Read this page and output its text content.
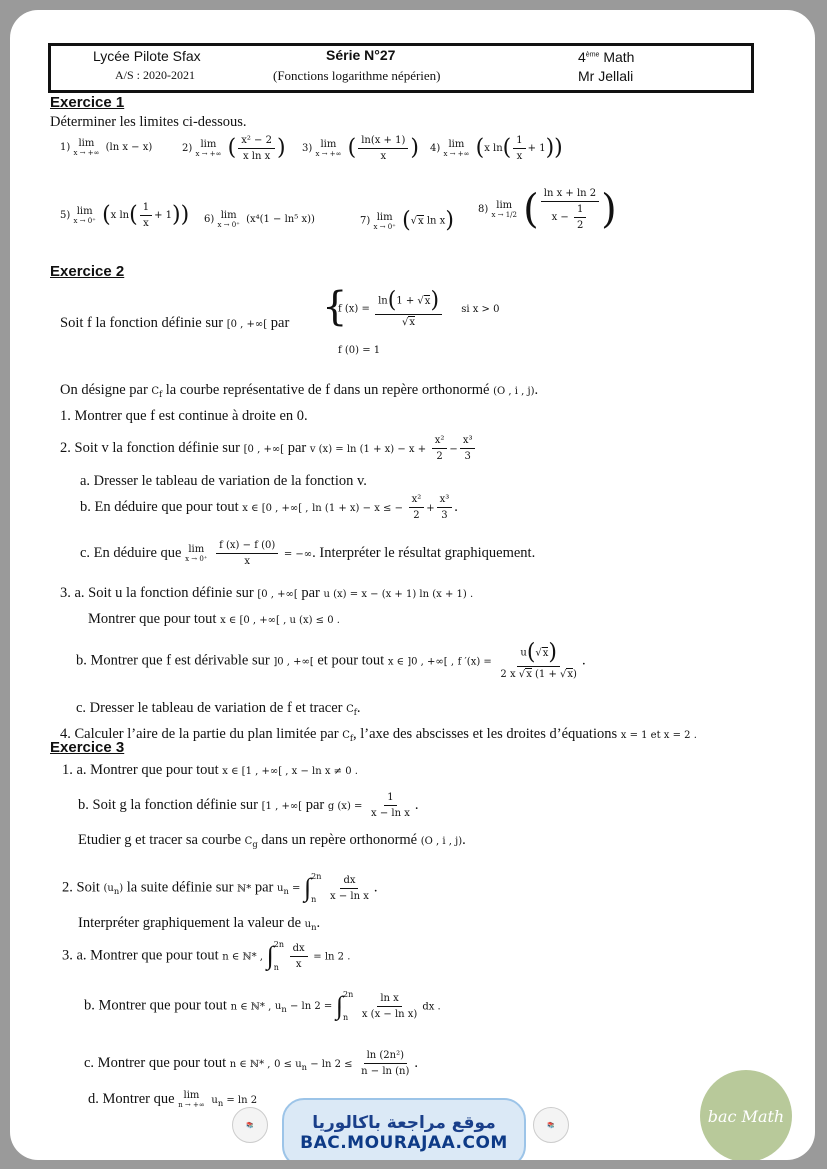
Lycée Pilote Sfax
A/S : 2020-2021
Série N°27
(Fonctions logarithme népérien)
4ème Math
Mr Jellali
Exercice 1
Déterminer les limites ci-dessous.
1) lim
x → +∞ (ln x − x)	2) lim
x → +∞ ( $\frac{\text{x² − 2}}{\text{x ln x}}$ ) 3) lim
x → +∞ ( $\frac{\ln(x + 1)}{x}$ ) 4) lim
x → +∞ (x $\ln( \frac{1}{x} + 1)$)
5) lim
x → 0⁺ (x $\ln( \frac{1}{x} + 1)$) 6) lim
x → 0⁺ (x⁴(1 − ln⁵ x))	7) lim
x → 0⁺ (√x ln x) 8) lim
x → 1/2 ( $\frac{\text{ln x + ln 2}}{x - \frac{1}{2}}$ )
Exercice 2
Soit f la fonction définie sur [0 , +∞[ par {
f $(x) = \frac{\ln(1 + √x)}{√x}$ si x > 0
f (0) = 1
On désigne par $C_f$ la courbe représentative de f dans un repère orthonormé (O , i , j).
1. Montrer que f est continue à droite en 0.
2. Soit v la fonction définie sur [0 , +∞[ par v $(x) = \ln (1 + x) - x + \frac{\text{x²}}{2} - \frac{\text{x³}}{3}$
a. Dresser le tableau de variation de la fonction v.
b. En déduire que pour tout x ∈ [0 , +∞[ , ln (1 + x) − x ≤ − $\frac{\text{x²}}{2} + \frac{\text{x³}}{3}$ .
c. En déduire que lim
x → 0⁺
$\frac{f (x) - f (0)}{x}$ = −∞. Interpréter le résultat graphiquement.
3. a. Soit u la fonction définie sur [0 , +∞[ par u (x) = x − (x + 1) ln (x + 1) .
Montrer que pour tout x ∈ [0 , +∞[ , u (x) ≤ 0 .
b. Montrer que f est dérivable sur ]0 , +∞[ et pour tout x ∈ ]0 , +∞[ , f $'(x) = \frac{u(√x)}{2 x √x (1 + √x)}$ .
c. Dresser le tableau de variation de f et tracer $C_f$.
4. Calculer l’aire de la partie du plan limitée par $C_f$, l’axe des abscisses et les droites d’équations x = 1 et x = 2 .
Exercice 3
1. a. Montrer que pour tout x ∈ [1 , +∞[ , x − ln x ≠ 0 .
b. Soit g la fonction définie sur [1 , +∞[ par g $(x) = \frac{1}{\text{x − ln x}}$ .
Etudier g et tracer sa courbe $C_g$ dans un repère orthonormé (O , i , j).
2. Soit $(u_n)$ la suite définie sur ℕ* par $u_n$ = ∫ 2n
n
	$\frac{dx}{\text{x − ln x}}$ .
Interpréter graphiquement la valeur de $u_n$.
3. a. Montrer que pour tout n ∈ ℕ* , ∫ 2n
n
	$\frac{dx}{x} = \ln 2$ .
b. Montrer que pour tout n ∈ ℕ* , $u_n - \ln 2$ = ∫ 2n
n
	$\frac{\text{ln x}}{\text{x (x − ln x)}}$ dx .
c. Montrer que pour tout n ∈ ℕ* , $0 \le u_n - \ln 2 \le \frac{\text{ln (2n²)}}{n - \ln (n)}$ .
d. Montrer que lim
n → +∞ $u_n = \ln 2$
📚	موقع مراجعة باكالوريا
BAC.MOURAJAA.COM
📚	bac Math
